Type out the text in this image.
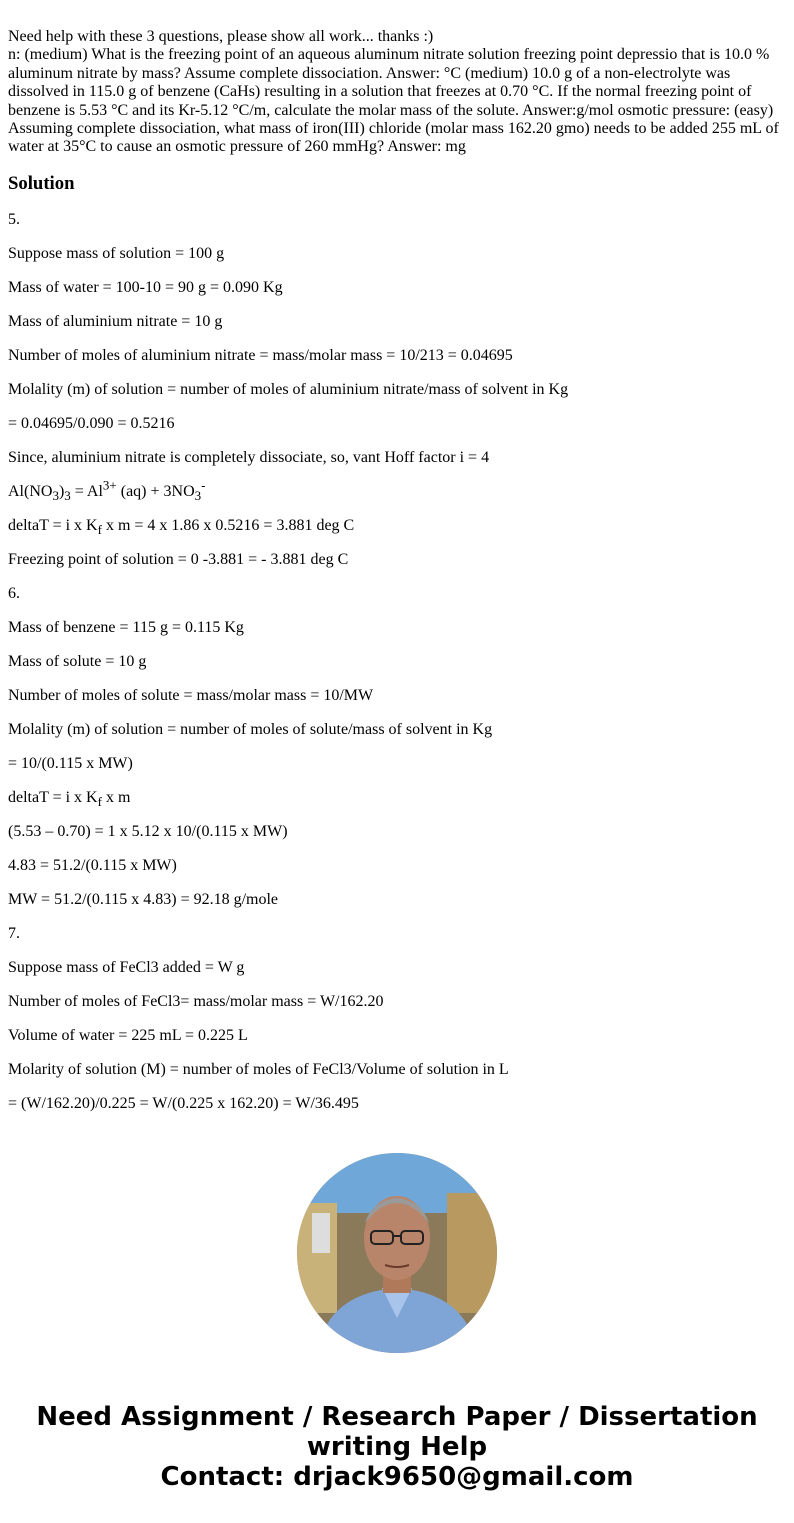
Need help with these 3 questions, please show all work... thanks :)
n: (medium) What is the freezing point of an aqueous aluminum nitrate solution freezing point depressio that is 10.0 % aluminum nitrate by mass? Assume complete dissociation. Answer: °C (medium) 10.0 g of a non-electrolyte was dissolved in 115.0 g of benzene (CaHs) resulting in a solution that freezes at 0.70 °C. If the normal freezing point of benzene is 5.53 °C and its Kr-5.12 °C/m, calculate the molar mass of the solute. Answer:g/mol osmotic pressure: (easy) Assuming complete dissociation, what mass of iron(III) chloride (molar mass 162.20 gmo) needs to be added 255 mL of water at 35°C to cause an osmotic pressure of 260 mmHg? Answer: mg

Solution

5.

Suppose mass of solution = 100 g

Mass of water = 100-10 = 90 g = 0.090 Kg

Mass of aluminium nitrate = 10 g

Number of moles of aluminium nitrate = mass/molar mass = 10/213 = 0.04695

Molality (m) of solution = number of moles of aluminium nitrate/mass of solvent in Kg

= 0.04695/0.090 = 0.5216

Since, aluminium nitrate is completely dissociate, so, vant Hoff factor i = 4

$Al(NO_3)_3 = Al^{3+}$ $(aq) + 3NO_3^-$

deltaT = i x $K_f$ x m = 4 x 1.86 x 0.5216 = 3.881 deg C

Freezing point of solution = 0 -3.881 = - 3.881 deg C

6.

Mass of benzene = 115 g = 0.115 Kg

Mass of solute = 10 g

Number of moles of solute = mass/molar mass = 10/MW

Molality (m) of solution = number of moles of solute/mass of solvent in Kg

= 10/(0.115 x MW)

deltaT = i x $K_f$ x m

(5.53 – 0.70) = 1 x 5.12 x 10/(0.115 x MW)

4.83 = 51.2/(0.115 x MW)

MW = 51.2/(0.115 x 4.83) = 92.18 g/mole

7.

Suppose mass of FeCl3 added = W g

Number of moles of FeCl3= mass/molar mass = W/162.20

Volume of water = 225 mL = 0.225 L

Molarity of solution (M) = number of moles of FeCl3/Volume of solution in L

= (W/162.20)/0.225 = W/(0.225 x 162.20) = W/36.495

Need Assignment / Research Paper / Dissertation
writing Help
Contact: drjack9650@gmail.com
